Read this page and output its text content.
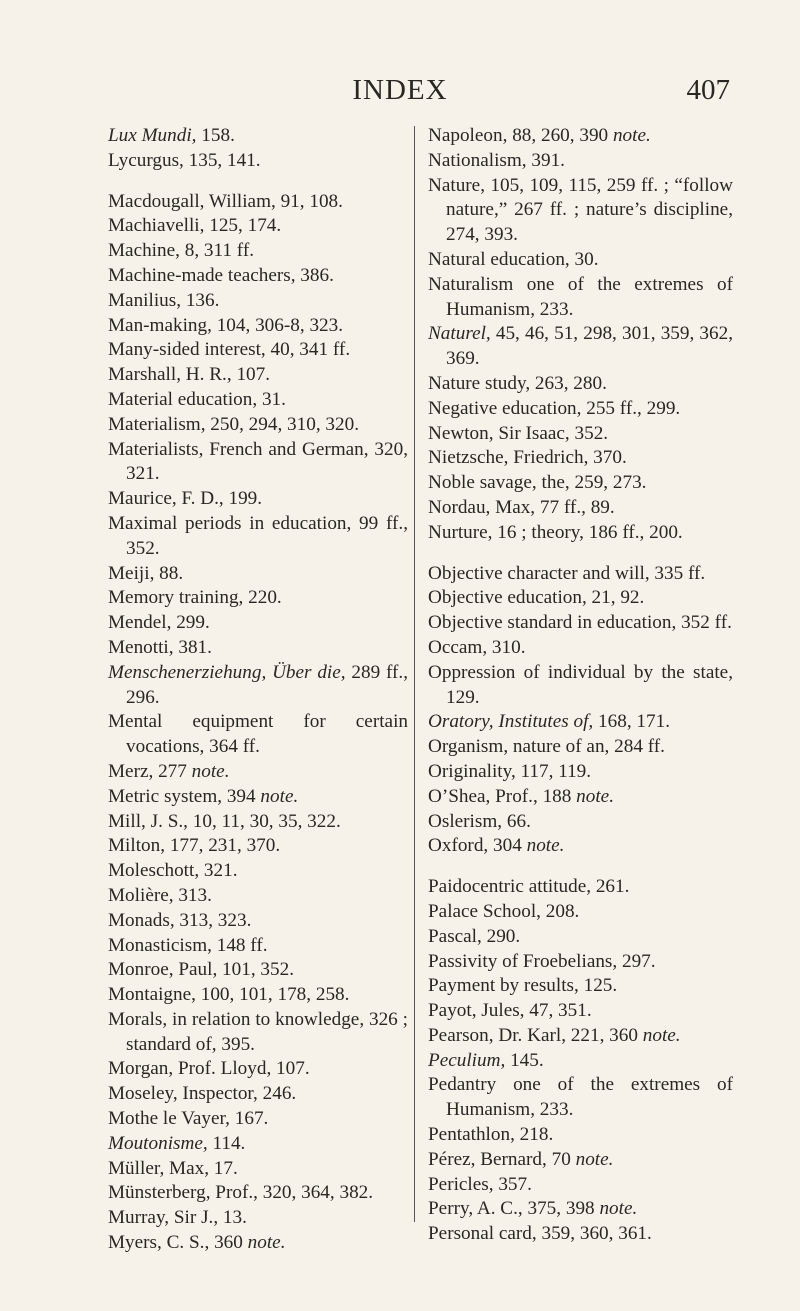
INDEX	407
Lux Mundi, 158.
Lycurgus, 135, 141.
Macdougall, William, 91, 108.
Machiavelli, 125, 174.
Machine, 8, 311 ff.
Machine-made teachers, 386.
Manilius, 136.
Man-making, 104, 306-8, 323.
Many-sided interest, 40, 341 ff.
Marshall, H. R., 107.
Material education, 31.
Materialism, 250, 294, 310, 320.
Materialists, French and German, 320, 321.
Maurice, F. D., 199.
Maximal periods in education, 99 ff., 352.
Meiji, 88.
Memory training, 220.
Mendel, 299.
Menotti, 381.
Menschenerziehung, Über die, 289 ff., 296.
Mental equipment for certain vocations, 364 ff.
Merz, 277 note.
Metric system, 394 note.
Mill, J. S., 10, 11, 30, 35, 322.
Milton, 177, 231, 370.
Moleschott, 321.
Molière, 313.
Monads, 313, 323.
Monasticism, 148 ff.
Monroe, Paul, 101, 352.
Montaigne, 100, 101, 178, 258.
Morals, in relation to knowledge, 326 ; standard of, 395.
Morgan, Prof. Lloyd, 107.
Moseley, Inspector, 246.
Mothe le Vayer, 167.
Moutonisme, 114.
Müller, Max, 17.
Münsterberg, Prof., 320, 364, 382.
Murray, Sir J., 13.
Myers, C. S., 360 note.
Napoleon, 88, 260, 390 note.
Nationalism, 391.
Nature, 105, 109, 115, 259 ff. ; “follow nature,” 267 ff. ; nature’s discipline, 274, 393.
Natural education, 30.
Naturalism one of the extremes of Humanism, 233.
Naturel, 45, 46, 51, 298, 301, 359, 362, 369.
Nature study, 263, 280.
Negative education, 255 ff., 299.
Newton, Sir Isaac, 352.
Nietzsche, Friedrich, 370.
Noble savage, the, 259, 273.
Nordau, Max, 77 ff., 89.
Nurture, 16 ; theory, 186 ff., 200.
Objective character and will, 335 ff.
Objective education, 21, 92.
Objective standard in education, 352 ff.
Occam, 310.
Oppression of individual by the state, 129.
Oratory, Institutes of, 168, 171.
Organism, nature of an, 284 ff.
Originality, 117, 119.
O’Shea, Prof., 188 note.
Oslerism, 66.
Oxford, 304 note.
Paidocentric attitude, 261.
Palace School, 208.
Pascal, 290.
Passivity of Froebelians, 297.
Payment by results, 125.
Payot, Jules, 47, 351.
Pearson, Dr. Karl, 221, 360 note.
Peculium, 145.
Pedantry one of the extremes of Humanism, 233.
Pentathlon, 218.
Pérez, Bernard, 70 note.
Pericles, 357.
Perry, A. C., 375, 398 note.
Personal card, 359, 360, 361.
